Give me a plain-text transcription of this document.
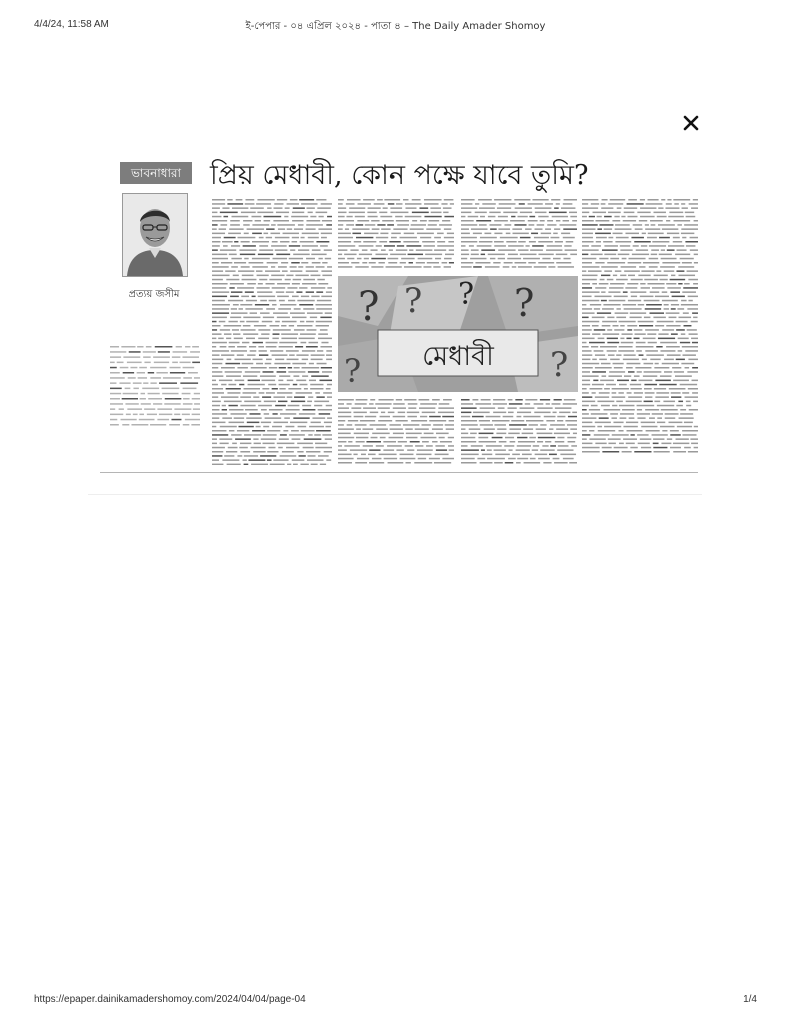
4/4/24, 11:58 AM	ই-পেপার - ০৪ এপ্রিল ২০২৪ - পাতা ৪ – The Daily Amader Shomoy
ভাবনাধারা	প্রিয় মেধাবী, কোন পক্ষে যাবে তুমি?
প্রত্যয় জসীম	? ? ? ?
?
? মেধাবী
https://epaper.dainikamadershomoy.com/2024/04/04/page-04	1/4
